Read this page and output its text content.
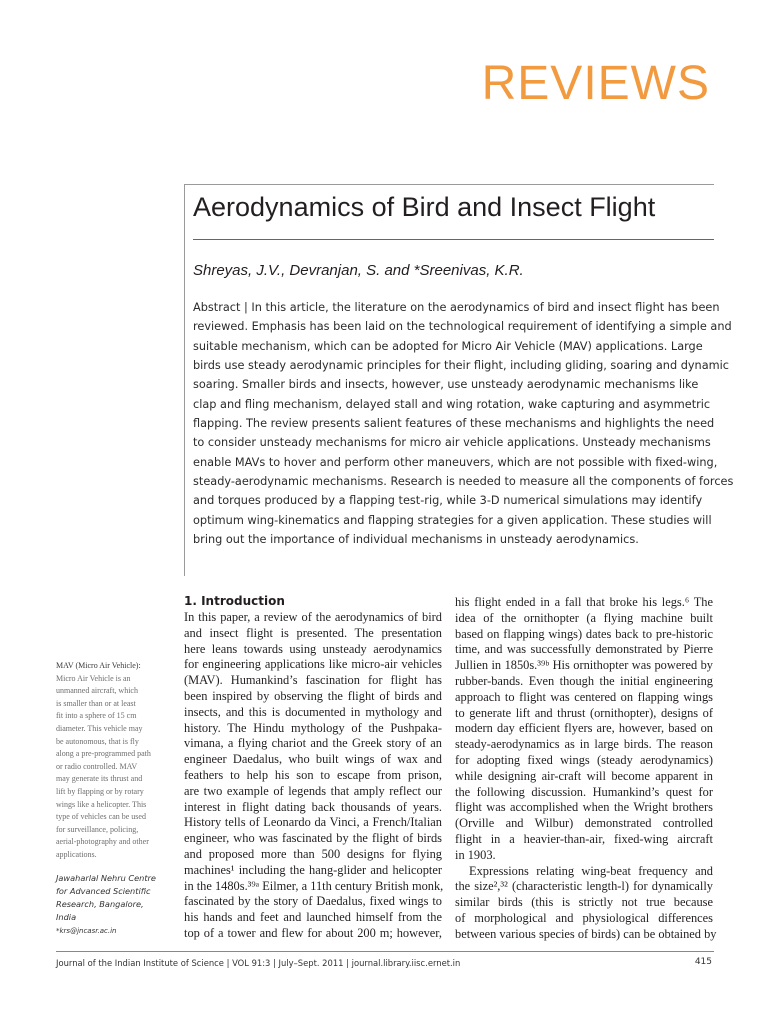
REVIEWS
Aerodynamics of Bird and Insect Flight
Shreyas, J.V., Devranjan, S. and *Sreenivas, K.R.
Abstract | In this article, the literature on the aerodynamics of bird and insect flight has been
reviewed. Emphasis has been laid on the technological requirement of identifying a simple and
suitable mechanism, which can be adopted for Micro Air Vehicle (MAV) applications. Large
birds use steady aerodynamic principles for their flight, including gliding, soaring and dynamic
soaring. Smaller birds and insects, however, use unsteady aerodynamic mechanisms like
clap and fling mechanism, delayed stall and wing rotation, wake capturing and asymmetric
flapping. The review presents salient features of these mechanisms and highlights the need
to consider unsteady mechanisms for micro air vehicle applications. Unsteady mechanisms
enable MAVs to hover and perform other maneuvers, which are not possible with fixed-wing,
steady-aerodynamic mechanisms. Research is needed to measure all the components of forces
and torques produced by a flapping test-rig, while 3-D numerical simulations may identify
optimum wing-kinematics and flapping strategies for a given application. These studies will
bring out the importance of individual mechanisms in unsteady aerodynamics.
MAV (Micro Air Vehicle):
Micro Air Vehicle is an
unmanned aircraft, which
is smaller than or at least
fit into a sphere of 15 cm
diameter. This vehicle may
be autonomous, that is fly
along a pre-programmed path
or radio controlled. MAV
may generate its thrust and
lift by flapping or by rotary
wings like a helicopter. This
type of vehicles can be used
for surveillance, policing,
aerial-photography and other
applications.
Jawaharlal Nehru Centre
for Advanced Scientific
Research, Bangalore,
India
*krs@jncasr.ac.in
1. Introduction
In this paper, a review of the aerodynamics of bird
and insect flight is presented. The presentation
here leans towards using unsteady aerodynamics
for engineering applications like micro-air vehicles
(MAV). Humankind’s fascination for flight has
been inspired by observing the flight of birds and
insects, and this is documented in mythology and
history. The Hindu mythology of the Pushpaka-
vimana, a flying chariot and the Greek story of an
engineer Daedalus, who built wings of wax and
feathers to help his son to escape from prison,
are two example of legends that amply reflect our
interest in flight dating back thousands of years.
History tells of Leonardo da Vinci, a French/Italian
engineer, who was fascinated by the flight of birds
and proposed more than 500 designs for flying
machines¹ including the hang-glider and helicopter
in the 1480s.³⁹ᵃ Eilmer, a 11th century British monk,
fascinated by the story of Daedalus, fixed wings to
his hands and feet and launched himself from the
top of a tower and flew for about 200 m; however,
his flight ended in a fall that broke his legs.⁶ The
idea of the ornithopter (a flying machine built
based on flapping wings) dates back to pre-historic
time, and was successfully demonstrated by Pierre
Jullien in 1850s.³⁹ᵇ His ornithopter was powered by
rubber-bands. Even though the initial engineering
approach to flight was centered on flapping wings
to generate lift and thrust (ornithopter), designs of
modern day efficient flyers are, however, based on
steady-aerodynamics as in large birds. The reason
for adopting fixed wings (steady aerodynamics)
while designing air-craft will become apparent in
the following discussion. Humankind’s quest for
flight was accomplished when the Wright brothers
(Orville and Wilbur) demonstrated controlled
flight in a heavier-than-air, fixed-wing aircraft
in 1903.
Expressions relating wing-beat frequency and
the size²,³² (characteristic length-l) for dynamically
similar birds (this is strictly not true because
of morphological and physiological differences
between various species of birds) can be obtained by
Journal of the Indian Institute of Science | VOL 91:3 | July–Sept. 2011 | journal.library.iisc.ernet.in	415
